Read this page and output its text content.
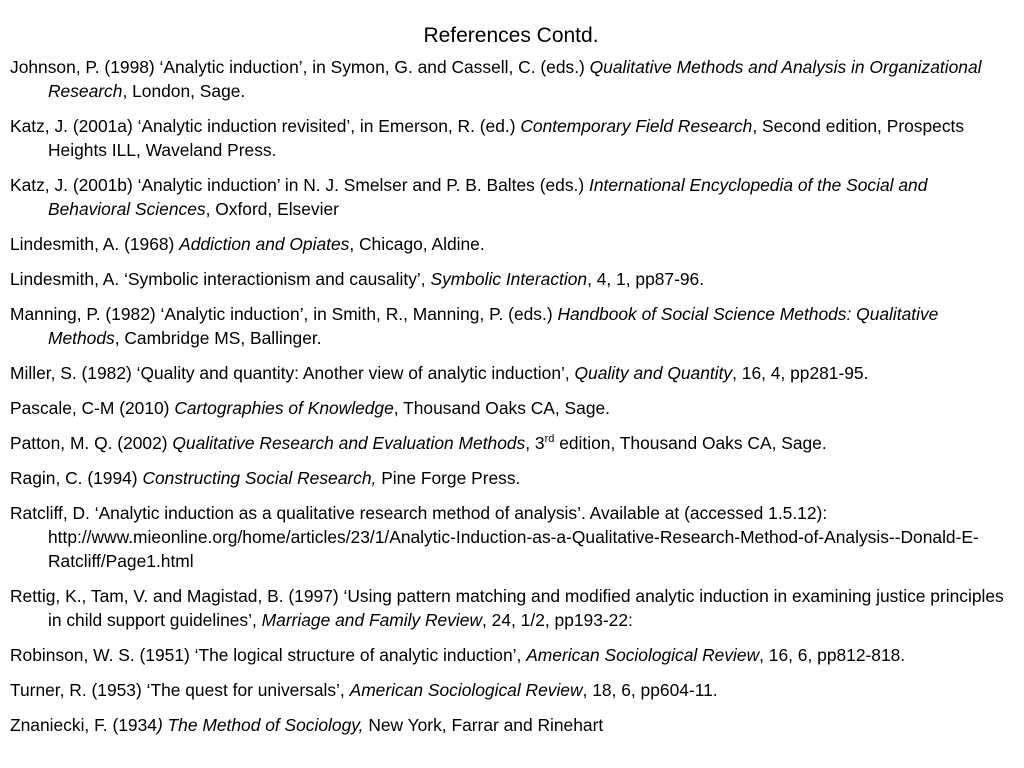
References Contd.
Johnson, P. (1998) ‘Analytic induction’, in Symon, G. and Cassell, C. (eds.) Qualitative Methods and Analysis in Organizational Research, London, Sage.
Katz, J. (2001a) ‘Analytic induction revisited’, in Emerson, R. (ed.) Contemporary Field Research, Second edition, Prospects Heights ILL, Waveland Press.
Katz, J. (2001b) ‘Analytic induction’ in N. J. Smelser and P. B. Baltes (eds.) International Encyclopedia of the Social and Behavioral Sciences, Oxford, Elsevier
Lindesmith, A. (1968) Addiction and Opiates, Chicago, Aldine.
Lindesmith, A. ‘Symbolic interactionism and causality’, Symbolic Interaction, 4, 1, pp87-96.
Manning, P. (1982) ‘Analytic induction’, in Smith, R., Manning, P. (eds.) Handbook of Social Science Methods: Qualitative Methods, Cambridge MS, Ballinger.
Miller, S. (1982) ‘Quality and quantity: Another view of analytic induction’, Quality and Quantity, 16, 4, pp281-95.
Pascale, C-M (2010) Cartographies of Knowledge, Thousand Oaks CA, Sage.
Patton, M. Q. (2002) Qualitative Research and Evaluation Methods, 3rd edition, Thousand Oaks CA, Sage.
Ragin, C. (1994) Constructing Social Research, Pine Forge Press.
Ratcliff, D. ‘Analytic induction as a qualitative research method of analysis’. Available at (accessed 1.5.12): http://www.mieonline.org/home/articles/23/1/Analytic-Induction-as-a-Qualitative-Research-Method-of-Analysis--Donald-E-Ratcliff/Page1.html
Rettig, K., Tam, V. and Magistad, B. (1997) ‘Using pattern matching and modified analytic induction in examining justice principles in child support guidelines’, Marriage and Family Review, 24, 1/2, pp193-22:
Robinson, W. S. (1951) ‘The logical structure of analytic induction’, American Sociological Review, 16, 6, pp812-818.
Turner, R. (1953) ‘The quest for universals’, American Sociological Review, 18, 6, pp604-11.
Znaniecki, F. (1934) The Method of Sociology, New York, Farrar and Rinehart
